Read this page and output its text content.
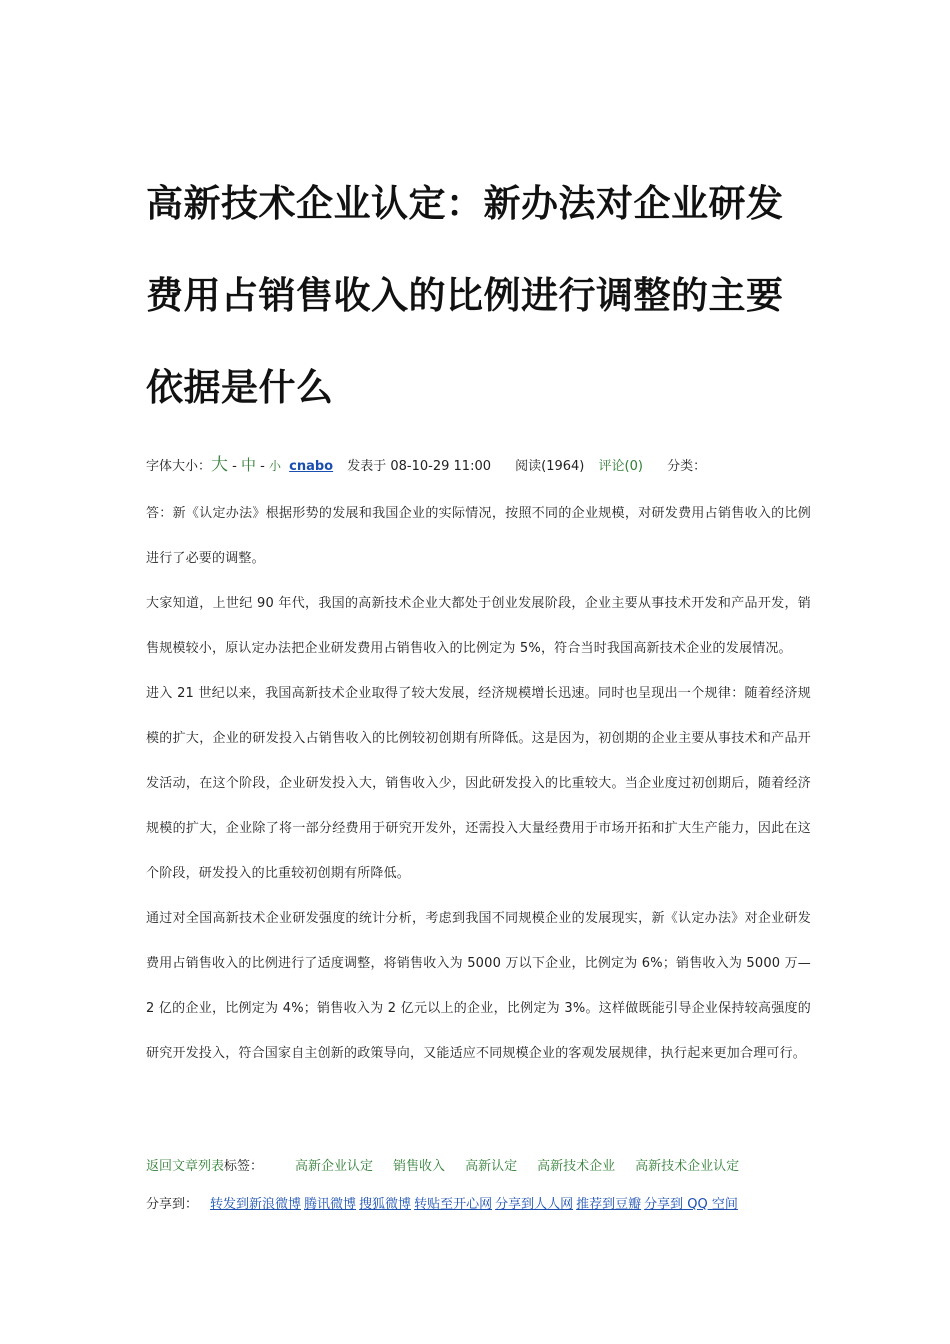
高新技术企业认定：新办法对企业研发费用占销售收入的比例进行调整的主要依据是什么
字体大小：大 - 中 - 小 cnabo 发表于 08-10-29 11:00 阅读(1964) 评论(0) 分类：

答：新《认定办法》根据形势的发展和我国企业的实际情况，按照不同的企业规模，对研发费用占销售收入的比例进行了必要的调整。

大家知道，上世纪 90 年代，我国的高新技术企业大都处于创业发展阶段，企业主要从事技术开发和产品开发，销售规模较小，原认定办法把企业研发费用占销售收入的比例定为 5%，符合当时我国高新技术企业的发展情况。

进入 21 世纪以来，我国高新技术企业取得了较大发展，经济规模增长迅速。同时也呈现出一个规律：随着经济规模的扩大，企业的研发投入占销售收入的比例较初创期有所降低。这是因为，初创期的企业主要从事技术和产品开发活动，在这个阶段，企业研发投入大，销售收入少，因此研发投入的比重较大。当企业度过初创期后，随着经济规模的扩大，企业除了将一部分经费用于研究开发外，还需投入大量经费用于市场开拓和扩大生产能力，因此在这个阶段，研发投入的比重较初创期有所降低。

通过对全国高新技术企业研发强度的统计分析，考虑到我国不同规模企业的发展现实，新《认定办法》对企业研发费用占销售收入的比例进行了适度调整，将销售收入为 5000 万以下企业，比例定为 6%；销售收入为 5000 万—2 亿的企业，比例定为 4%；销售收入为 2 亿元以上的企业，比例定为 3%。这样做既能引导企业保持较高强度的研究开发投入，符合国家自主创新的政策导向，又能适应不同规模企业的客观发展规律，执行起来更加合理可行。

返回文章列表标签： 高新企业认定 销售收入 高新认定 高新技术企业 高新技术企业认定
分享到： 转发到新浪微博 腾讯微博 搜狐微博 转贴至开心网 分享到人人网 推荐到豆瓣 分享到 QQ 空间
